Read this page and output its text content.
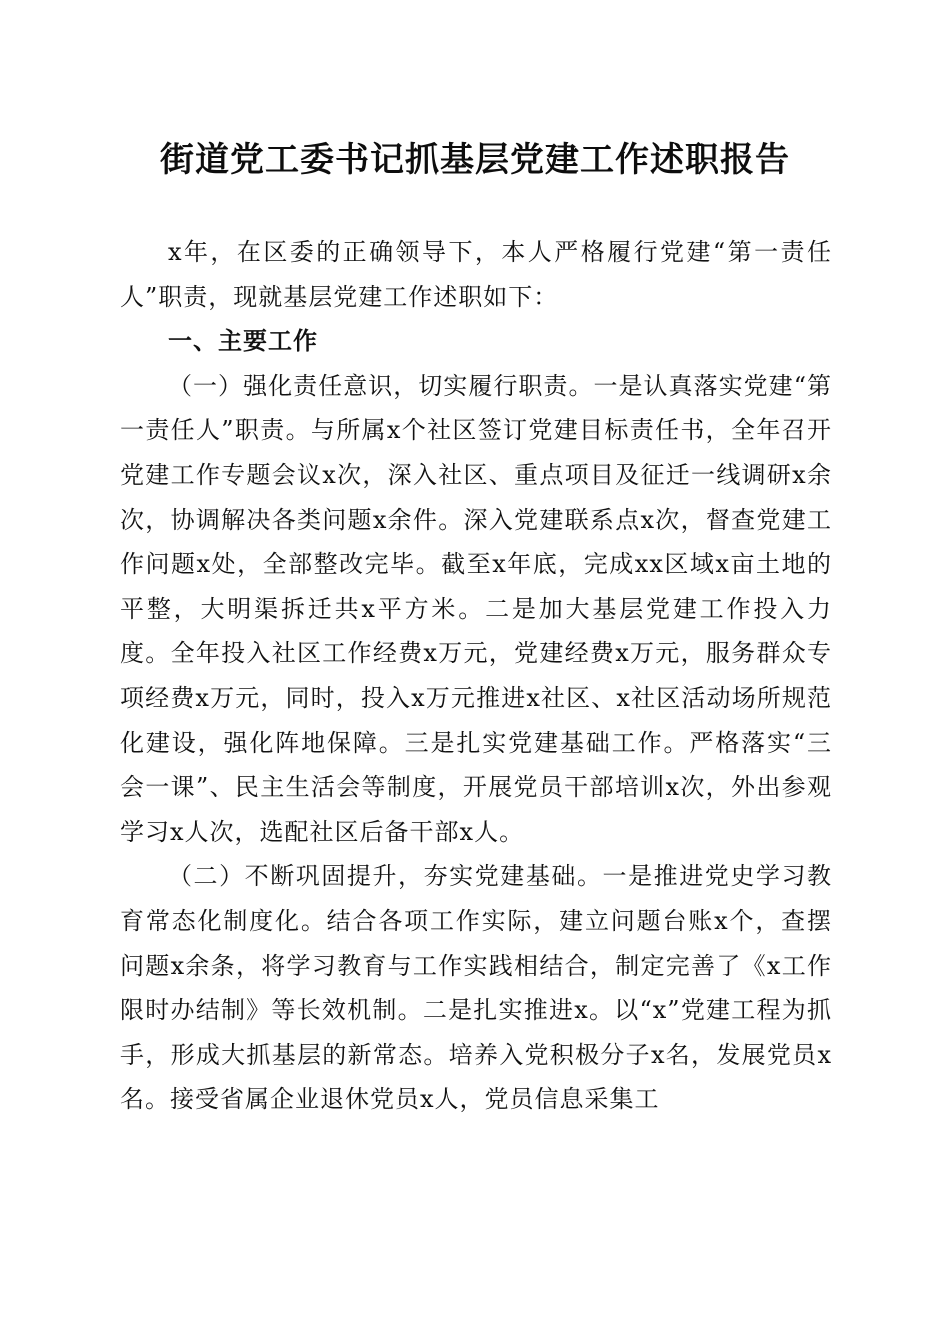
街道党工委书记抓基层党建工作述职报告

x年，在区委的正确领导下，本人严格履行党建“第一责任人”职责，现就基层党建工作述职如下：

一、主要工作

（一）强化责任意识，切实履行职责。一是认真落实党建“第一责任人”职责。与所属x个社区签订党建目标责任书，全年召开党建工作专题会议x次，深入社区、重点项目及征迁一线调研x余次，协调解决各类问题x余件。深入党建联系点x次，督查党建工作问题x处，全部整改完毕。截至x年底，完成xx区域x亩土地的平整，大明渠拆迁共x平方米。二是加大基层党建工作投入力度。全年投入社区工作经费x万元，党建经费x万元，服务群众专项经费x万元，同时，投入x万元推进x社区、x社区活动场所规范化建设，强化阵地保障。三是扎实党建基础工作。严格落实“三会一课”、民主生活会等制度，开展党员干部培训x次，外出参观学习x人次，选配社区后备干部x人。

（二）不断巩固提升，夯实党建基础。一是推进党史学习教育常态化制度化。结合各项工作实际，建立问题台账x个，查摆问题x余条，将学习教育与工作实践相结合，制定完善了《x工作限时办结制》等长效机制。二是扎实推进x。以“x”党建工程为抓手，形成大抓基层的新常态。培养入党积极分子x名，发展党员x名。接受省属企业退休党员x人，党员信息采集工
